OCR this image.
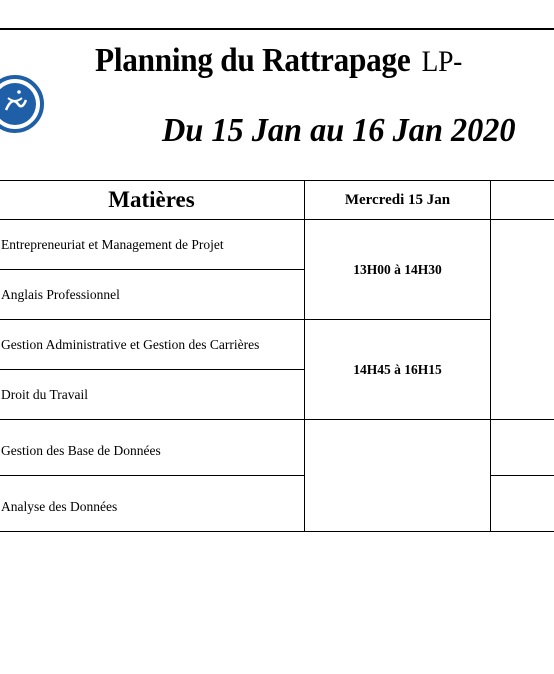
Planning du Rattrapage LP-
Du 15 Jan au 16 Jan 2020
Matières	Mercredi 15 Jan	
Entrepreneuriat et Management de Projet	13H00 à 14H30	
Anglais Professionnel		
Gestion Administrative et Gestion des Carrières	14H45 à 16H15	
Droit du Travail		
Gestion des Base de Données		
Analyse des Données		
